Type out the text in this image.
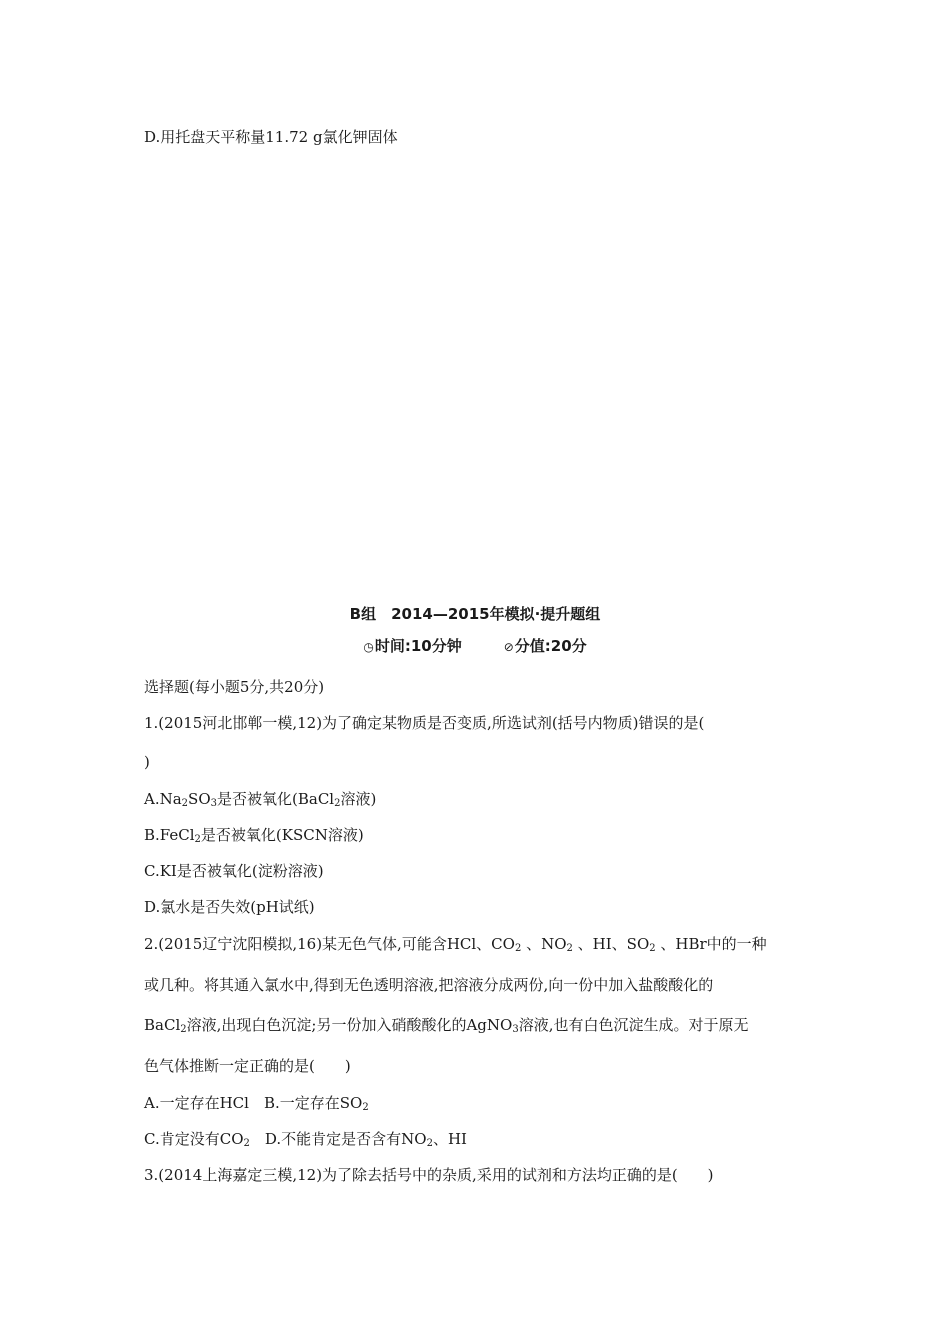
D.用托盘天平称量11.72 g氯化钾固体
B组　2014—2015年模拟·提升题组
◷时间:10分钟	⊘分值:20分
选择题(每小题5分,共20分)
1.(2015河北邯郸一模,12)为了确定某物质是否变质,所选试剂(括号内物质)错误的是(
)
$A.Na_2SO_3$是否被氧化(BaCl$_2$溶液)
B.FeCl$_2$是否被氧化(KSCN溶液)
C.KI是否被氧化(淀粉溶液)
D.氯水是否失效(pH试纸)
2.(2015辽宁沈阳模拟,16)某无色气体,可能含HCl、$CO_2$ 、$NO_2$ 、HI、$SO_2$ 、HBr中的一种
或几种。将其通入氯水中,得到无色透明溶液,把溶液分成两份,向一份中加入盐酸酸化的
BaCl$_2$溶液,出现白色沉淀;另一份加入硝酸酸化的AgNO$_3$溶液,也有白色沉淀生成。对于原无
色气体推断一定正确的是(　　)
A.一定存在HCl　B.一定存在$SO_2$
C.肯定没有$CO_2$　D.不能肯定是否含有$NO_2$、HI
3.(2014上海嘉定三模,12)为了除去括号中的杂质,采用的试剂和方法均正确的是(　　)
